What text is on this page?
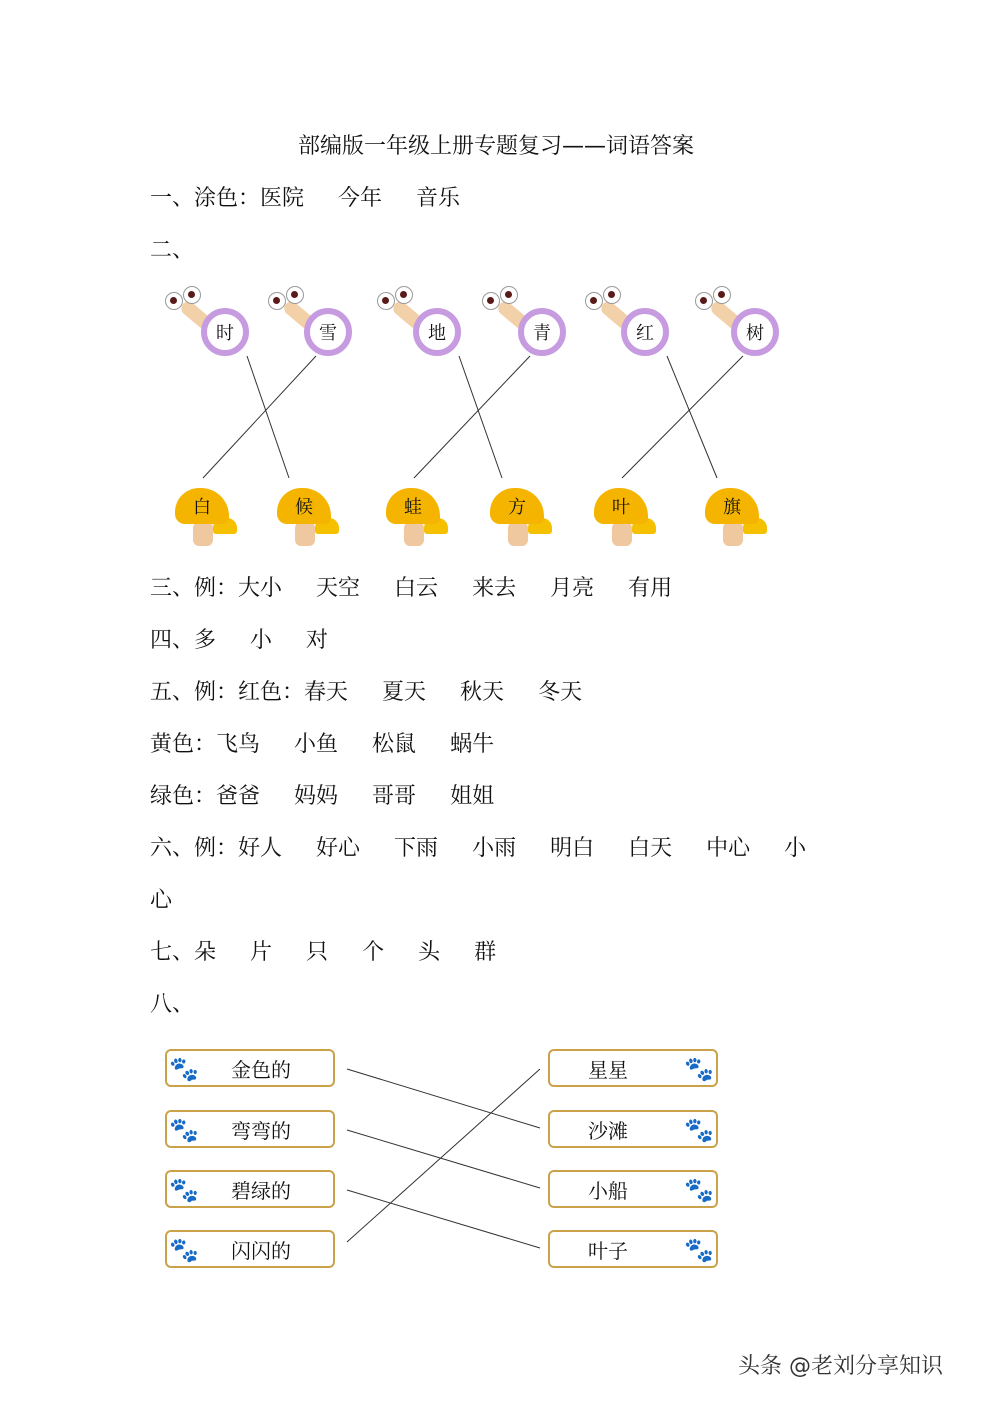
部编版一年级上册专题复习——词语答案
一、涂色：医院 今年 音乐
二、
时	雪	地	青	红	树
白	候	蛙	方	叶	旗
三、例：大小 天空 白云 来去 月亮 有用
四、多 小 对
五、例：红色：春天 夏天 秋天 冬天
黄色：飞鸟 小鱼 松鼠 蜗牛
绿色：爸爸 妈妈 哥哥 姐姐
六、例：好人 好心 下雨 小雨 明白 白天 中心 小
心
七、朵 片 只 个 头 群
八、
🐾 金色的
🐾 弯弯的
🐾 碧绿的
🐾 闪闪的
星星 🐾
沙滩 🐾
小船 🐾
叶子 🐾
头条 @老刘分享知识
